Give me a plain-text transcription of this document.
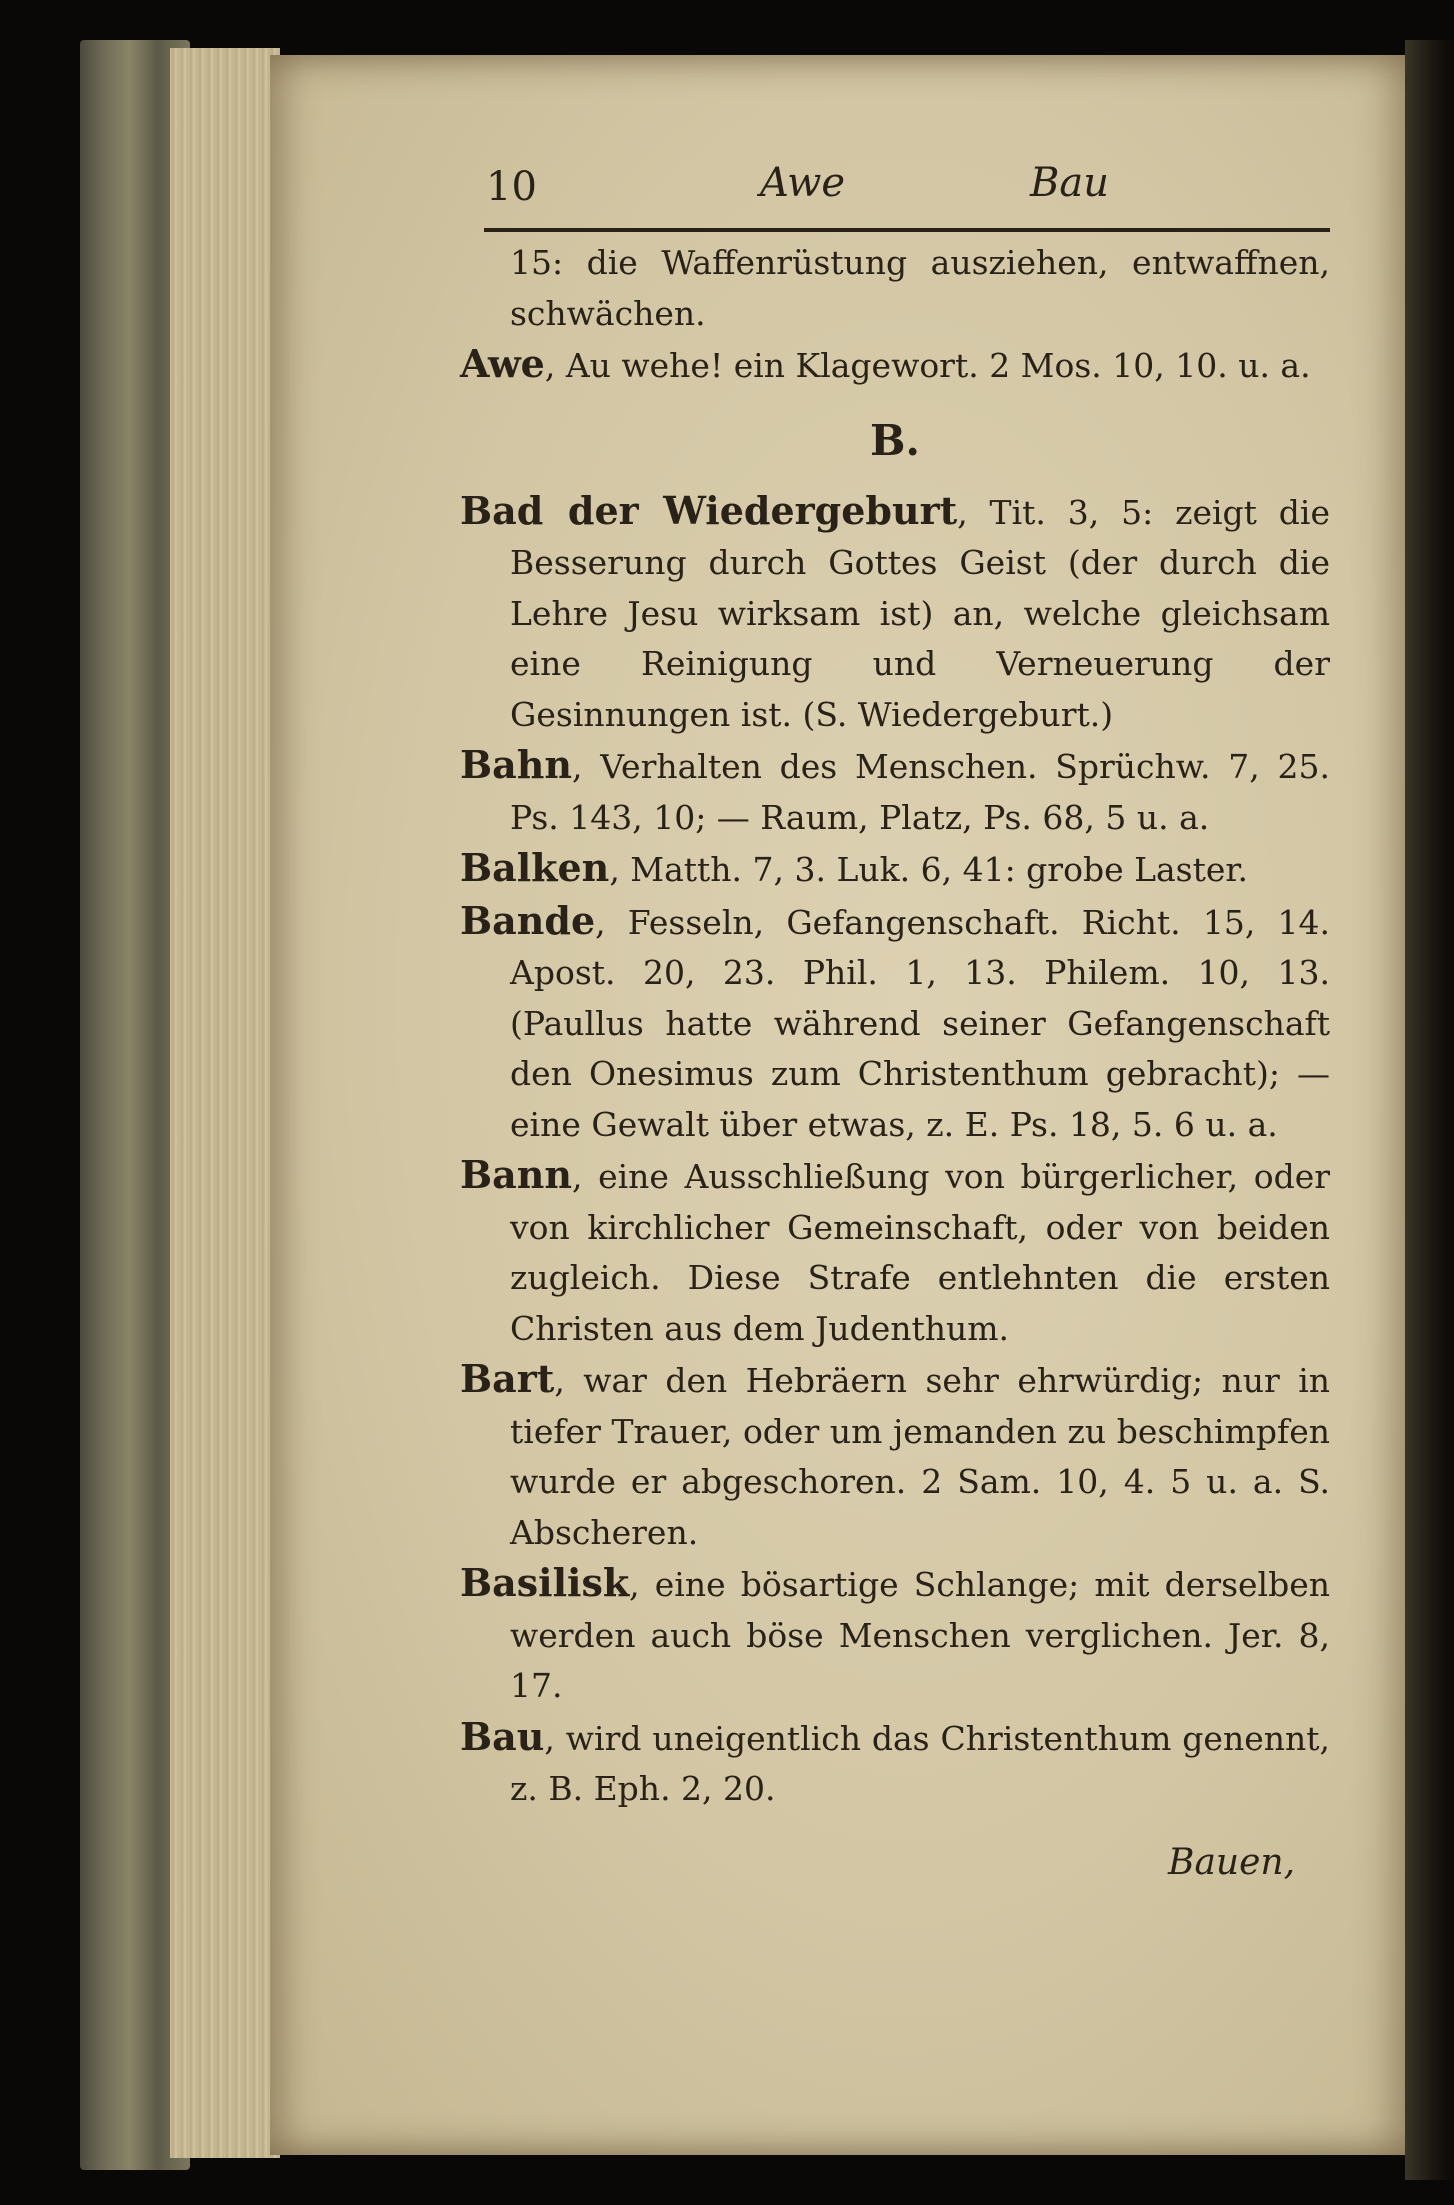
10	Awe	Bau

15: die Waffenrüstung ausziehen, entwaffnen, schwächen.

Awe, Au wehe! ein Klagewort. 2 Mos. 10, 10. u. a.

B.

Bad der Wiedergeburt, Tit. 3, 5: zeigt die Besserung durch Gottes Geist (der durch die Lehre Jesu wirksam ist) an, welche gleichsam eine Reinigung und Verneuerung der Gesinnungen ist. (S. Wiedergeburt.)

Bahn, Verhalten des Menschen. Sprüchw. 7, 25. Ps. 143, 10; — Raum, Platz, Ps. 68, 5 u. a.

Balken, Matth. 7, 3. Luk. 6, 41: grobe Laster.

Bande, Fesseln, Gefangenschaft. Richt. 15, 14. Apost. 20, 23. Phil. 1, 13. Philem. 10, 13. (Paullus hatte während seiner Gefangenschaft den Onesimus zum Christenthum gebracht); — eine Gewalt über etwas, z. E. Ps. 18, 5. 6 u. a.

Bann, eine Ausschließung von bürgerlicher, oder von kirchlicher Gemeinschaft, oder von beiden zugleich. Diese Strafe entlehnten die ersten Christen aus dem Judenthum.

Bart, war den Hebräern sehr ehrwürdig; nur in tiefer Trauer, oder um jemanden zu beschimpfen wurde er abgeschoren. 2 Sam. 10, 4. 5 u. a. S. Abscheren.

Basilisk, eine bösartige Schlange; mit derselben werden auch böse Menschen verglichen. Jer. 8, 17.

Bau, wird uneigentlich das Christenthum genennt, z. B. Eph. 2, 20.

Bauen,
